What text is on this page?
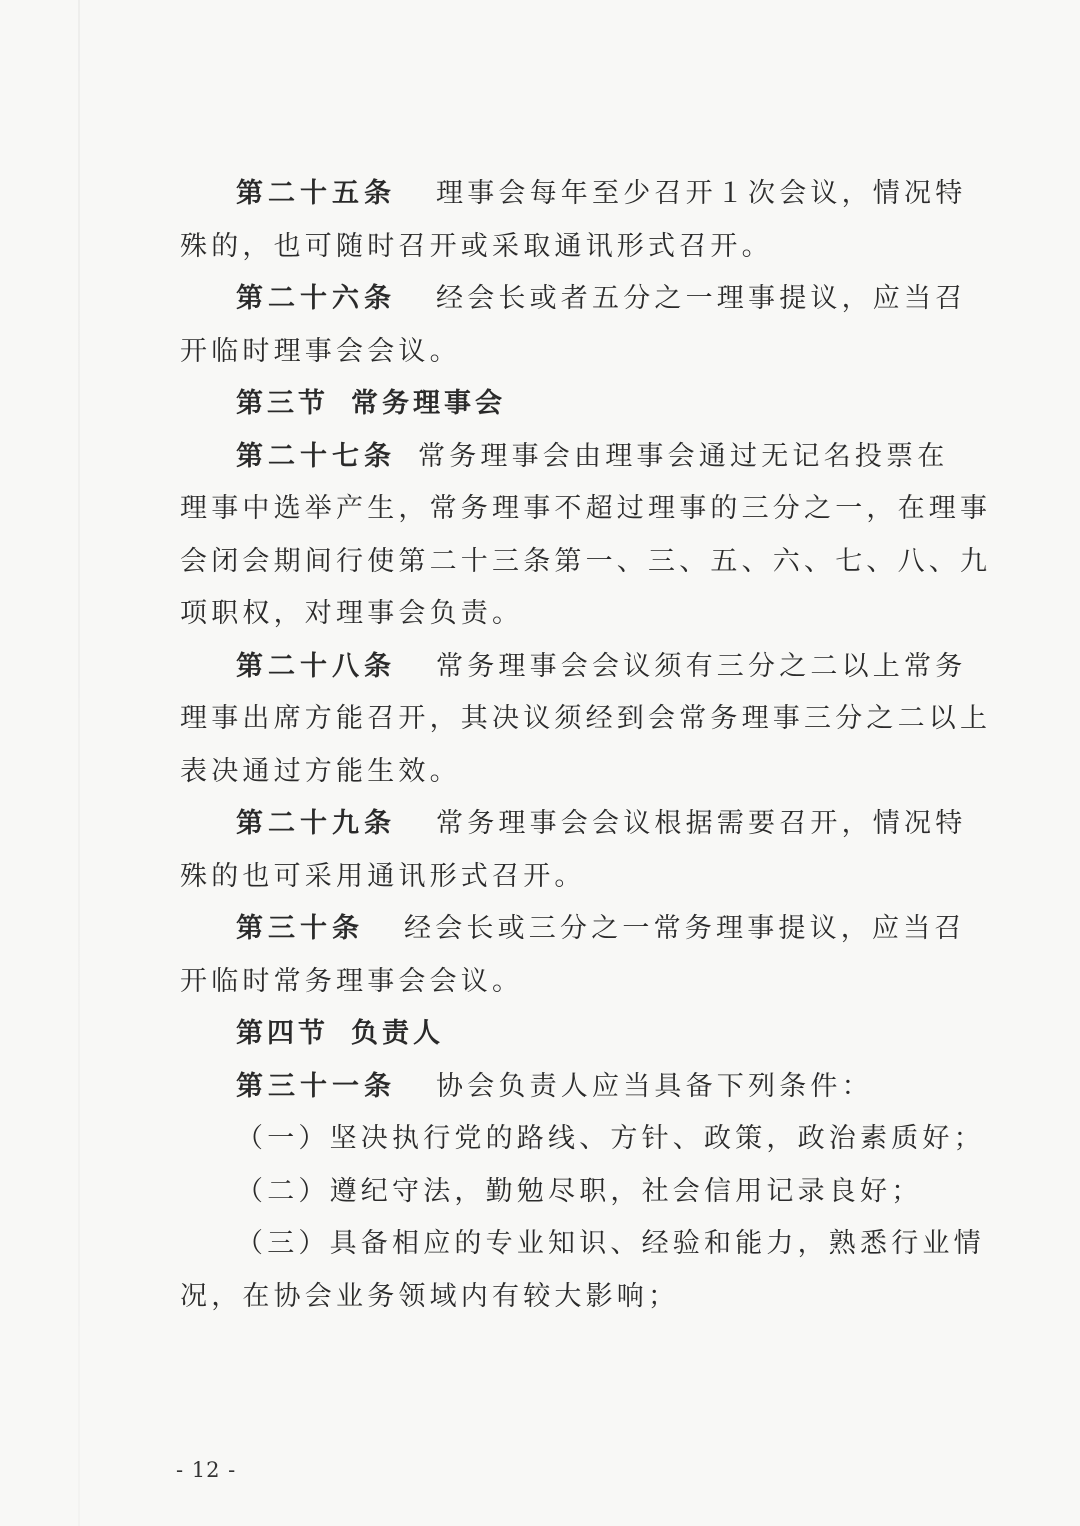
第二十五条 理事会每年至少召开１次会议，情况特
殊的，也可随时召开或采取通讯形式召开。
第二十六条 经会长或者五分之一理事提议，应当召
开临时理事会会议。
第三节 常务理事会
第二十七条 常务理事会由理事会通过无记名投票在
理事中选举产生，常务理事不超过理事的三分之一，在理事
会闭会期间行使第二十三条第一、三、五、六、七、八、九
项职权，对理事会负责。
第二十八条 常务理事会会议须有三分之二以上常务
理事出席方能召开，其决议须经到会常务理事三分之二以上
表决通过方能生效。
第二十九条 常务理事会会议根据需要召开，情况特
殊的也可采用通讯形式召开。
第三十条 经会长或三分之一常务理事提议，应当召
开临时常务理事会会议。
第四节 负责人
第三十一条 协会负责人应当具备下列条件：
（一）坚决执行党的路线、方针、政策，政治素质好；
（二）遵纪守法，勤勉尽职，社会信用记录良好；
（三）具备相应的专业知识、经验和能力，熟悉行业情
况，在协会业务领域内有较大影响；
- 12 -
